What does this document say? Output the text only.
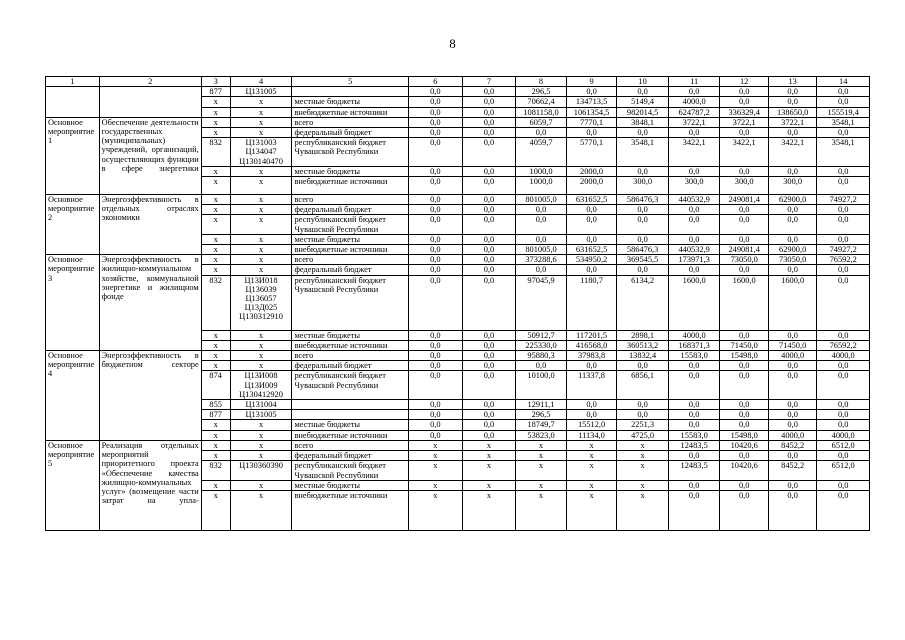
8
1	2	3	4	5	6	7	8	9	10	11	12	13	14
		877	Ц131005		0,0	0,0	296,5	0,0	0,0	0,0	0,0	0,0	0,0
		х	х	местные бюджеты	0,0	0,0	70662,4	134713,5	5149,4	4000,0	0,0	0,0	0,0
		х	х	внебюджетные источники	0,0	0,0	1081158,0	1061354,5	982014,5	624787,2	336329,4	138650,0	155519,4
Основное мероприятие 1	Обеспечение деятельности государственных (муниципальных) учреждений, организаций, осуществляющих функции в сфере энергетики	х	х	всего	0,0	0,0	6059,7	7770,1	3848,1	3722,1	3722,1	3722,1	3548,1
		х	х	федеральный бюджет	0,0	0,0	0,0	0,0	0,0	0,0	0,0	0,0	0,0
		832	Ц131003 Ц134047 Ц130140470	республиканский бюджет Чувашской Республики	0,0	0,0	4059,7	5770,1	3548,1	3422,1	3422,1	3422,1	3548,1
		х	х	местные бюджеты	0,0	0,0	1000,0	2000,0	0,0	0,0	0,0	0,0	0,0
		х	х	внебюджетные источники	0,0	0,0	1000,0	2000,0	300,0	300,0	300,0	300,0	0,0
Основное мероприятие 2	Энергоэффективность в отдельных отраслях экономики	х	х	всего	0,0	0,0	801005,0	631652,5	586476,3	440532,9	249081,4	62900,0	74927,2
		х	х	федеральный бюджет	0,0	0,0	0,0	0,0	0,0	0,0	0,0	0,0	0,0
		х	х	республиканский бюджет Чувашской Республики	0,0	0,0	0,0	0,0	0,0	0,0	0,0	0,0	0,0
		х	х	местные бюджеты	0,0	0,0	0,0	0,0	0,0	0,0	0,0	0,0	0,0
		х	х	внебюджетные источники	0,0	0,0	801005,0	631652,5	586476,3	440532,9	249081,4	62900,0	74927,2
Основное мероприятие 3	Энергоэффективность в жилищно-коммунальном хозяйстве, коммунальной энергетике и жилищном фонде	х	х	всего	0,0	0,0	373288,6	534950,2	369545,5	173971,3	73050,0	73050,0	76592,2
		х	х	федеральный бюджет	0,0	0,0	0,0	0,0	0,0	0,0	0,0	0,0	0,0
		832	Ц13И018 Ц136039 Ц136057 Ц13Д025 Ц130312910	республиканский бюджет Чувашской Республики	0,0	0,0	97045,9	1180,7	6134,2	1600,0	1600,0	1600,0	0,0
		х	х	местные бюджеты	0,0	0,0	50912,7	117201,5	2898,1	4000,0	0,0	0,0	0,0
		х	х	внебюджетные источники	0,0	0,0	225330,0	416568,0	360513,2	168371,3	71450,0	71450,0	76592,2
Основное мероприятие 4	Энергоэффективность в бюджетном секторе	х	х	всего	0,0	0,0	95880,3	37983,8	13832,4	15583,0	15498,0	4000,0	4000,0
		х	х	федеральный бюджет	0,0	0,0	0,0	0,0	0,0	0,0	0,0	0,0	0,0
		874	Ц13И008 Ц13И009 Ц130412920	республиканский бюджет Чувашской Республики	0,0	0,0	10100,0	11337,8	6856,1	0,0	0,0	0,0	0,0
		855	Ц131004		0,0	0,0	12911,1	0,0	0,0	0,0	0,0	0,0	0,0
		877	Ц131005		0,0	0,0	296,5	0,0	0,0	0,0	0,0	0,0	0,0
		х	х	местные бюджеты	0,0	0,0	18749,7	15512,0	2251,3	0,0	0,0	0,0	0,0
		х	х	внебюджетные источники	0,0	0,0	53823,0	11134,0	4725,0	15583,0	15498,0	4000,0	4000,0
Основное мероприятие 5	Реализация отдельных мероприятий приоритетного проекта «Обеспечение качества жилищно-коммунальных услуг» (возмещение части затрат на упла-	х	х	всего	х	х	х	х	х	12483,5	10420,6	8452,2	6512,0
		х	х	федеральный бюджет	х	х	х	х	х	0,0	0,0	0,0	0,0
		832	Ц130360390	республиканский бюджет Чувашской Республики	х	х	х	х	х	12483,5	10420,6	8452,2	6512,0
		х	х	местные бюджеты	х	х	х	х	х	0,0	0,0	0,0	0,0
		х	х	внебюджетные источники	х	х	х	х	х	0,0	0,0	0,0	0,0
